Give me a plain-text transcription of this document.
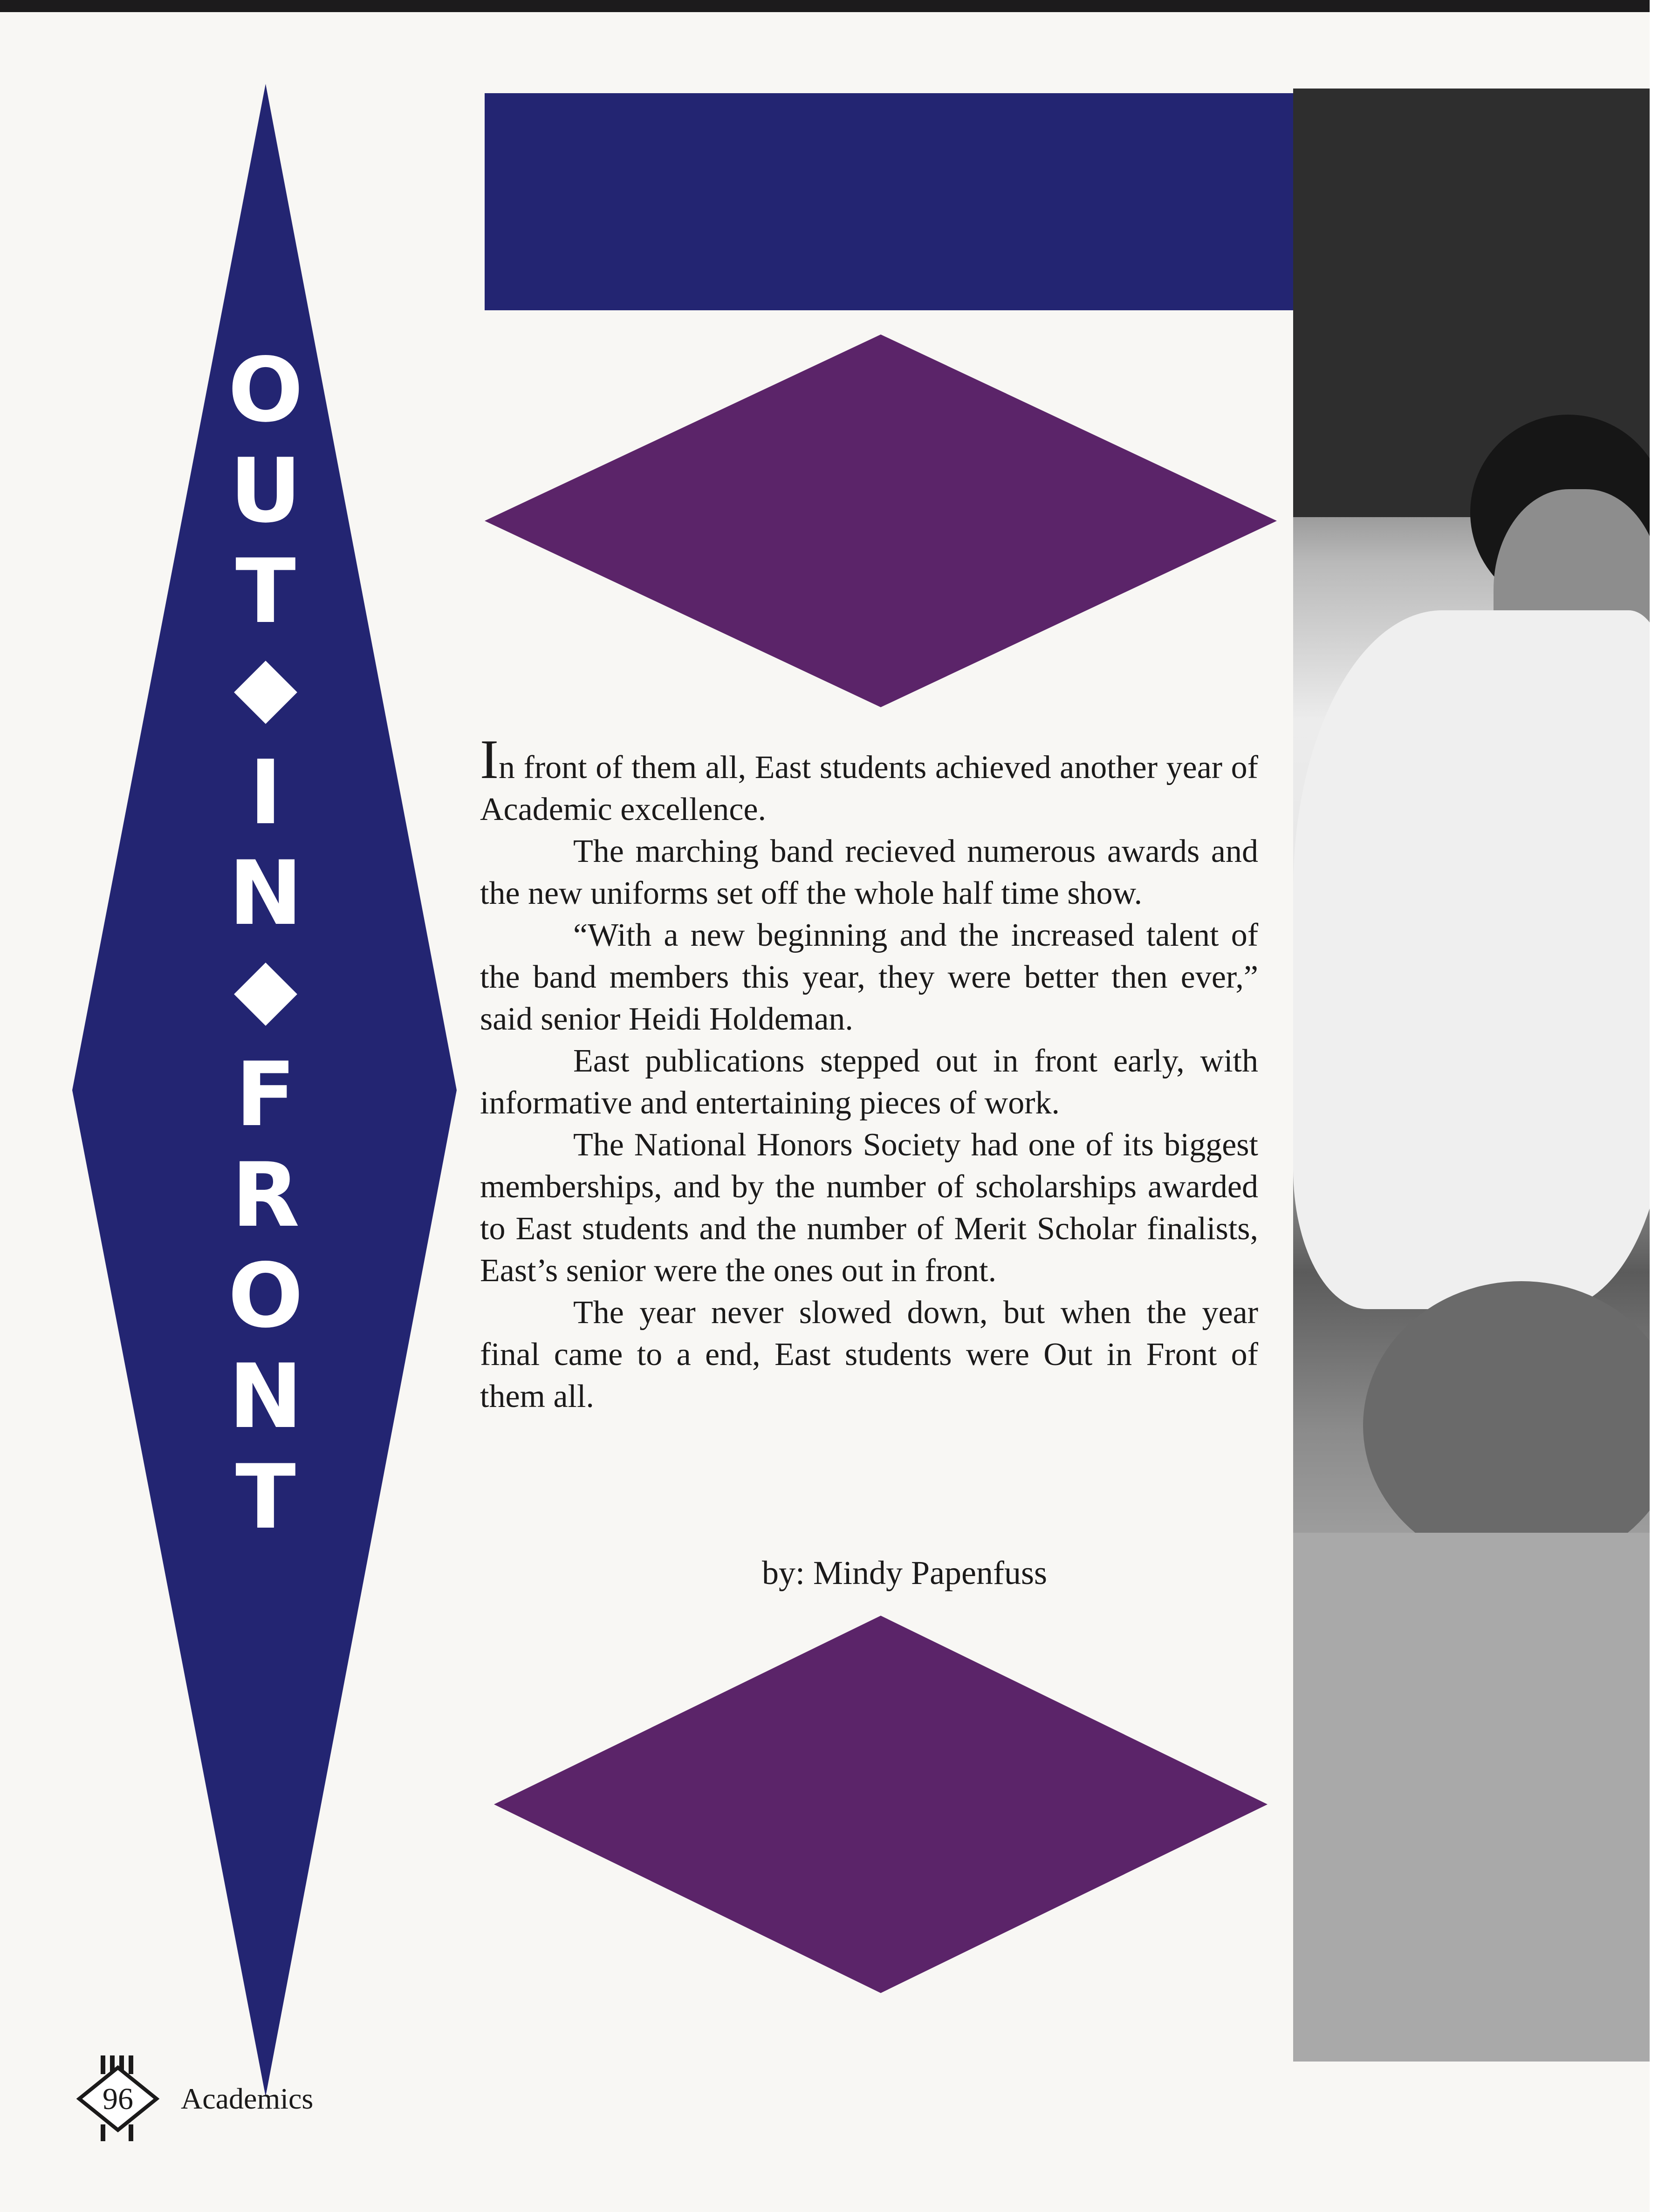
O
U
T
I
N
F
R
O
N
T

In front of them all, East students achieved another year of Academic excellence.

The marching band recieved numerous awards and the new uniforms set off the whole half time show.

“With a new beginning and the increased talent of the band members this year, they were better then ever,” said senior Heidi Holdeman.

East publications stepped out in front early, with informative and entertaining pieces of work.

The National Honors Society had one of its biggest memberships, and by the number of scholarships awarded to East students and the number of Merit Scholar finalists, East’s senior were the ones out in front.

The year never slowed down, but when the year final came to a end, East students were Out in Front of them all.

by: Mindy Papenfuss
96	Academics
